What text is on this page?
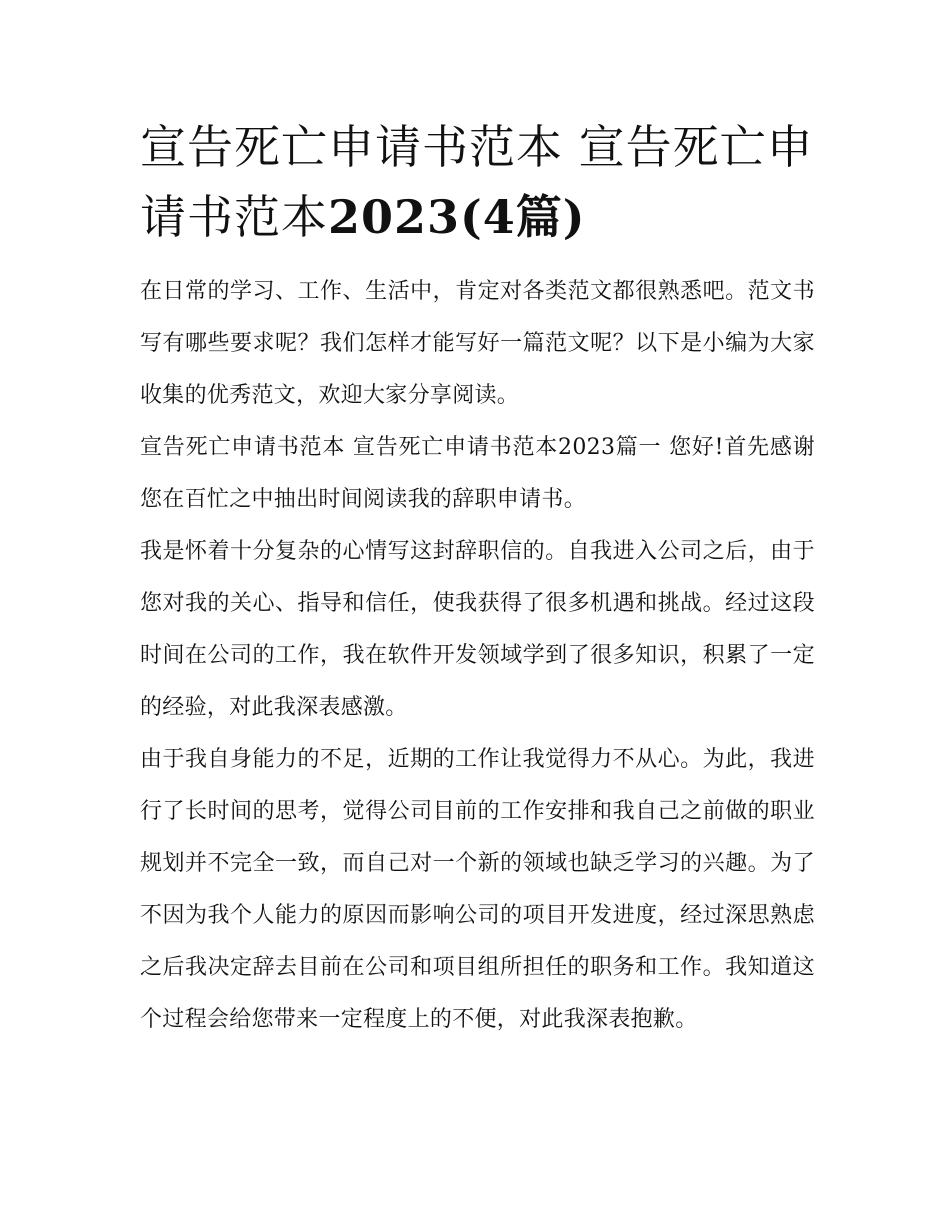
宣告死亡申请书范本 宣告死亡申请书范本2023(4篇)

在日常的学习、工作、生活中，肯定对各类范文都很熟悉吧。范文书写有哪些要求呢？我们怎样才能写好一篇范文呢？以下是小编为大家收集的优秀范文，欢迎大家分享阅读。

宣告死亡申请书范本 宣告死亡申请书范本2023篇一 您好!首先感谢您在百忙之中抽出时间阅读我的辞职申请书。

我是怀着十分复杂的心情写这封辞职信的。自我进入公司之后，由于您对我的关心、指导和信任，使我获得了很多机遇和挑战。经过这段时间在公司的工作，我在软件开发领域学到了很多知识，积累了一定的经验，对此我深表感激。

由于我自身能力的不足，近期的工作让我觉得力不从心。为此，我进行了长时间的思考，觉得公司目前的工作安排和我自己之前做的职业规划并不完全一致，而自己对一个新的领域也缺乏学习的兴趣。为了不因为我个人能力的原因而影响公司的项目开发进度，经过深思熟虑之后我决定辞去目前在公司和项目组所担任的职务和工作。我知道这个过程会给您带来一定程度上的不便，对此我深表抱歉。
